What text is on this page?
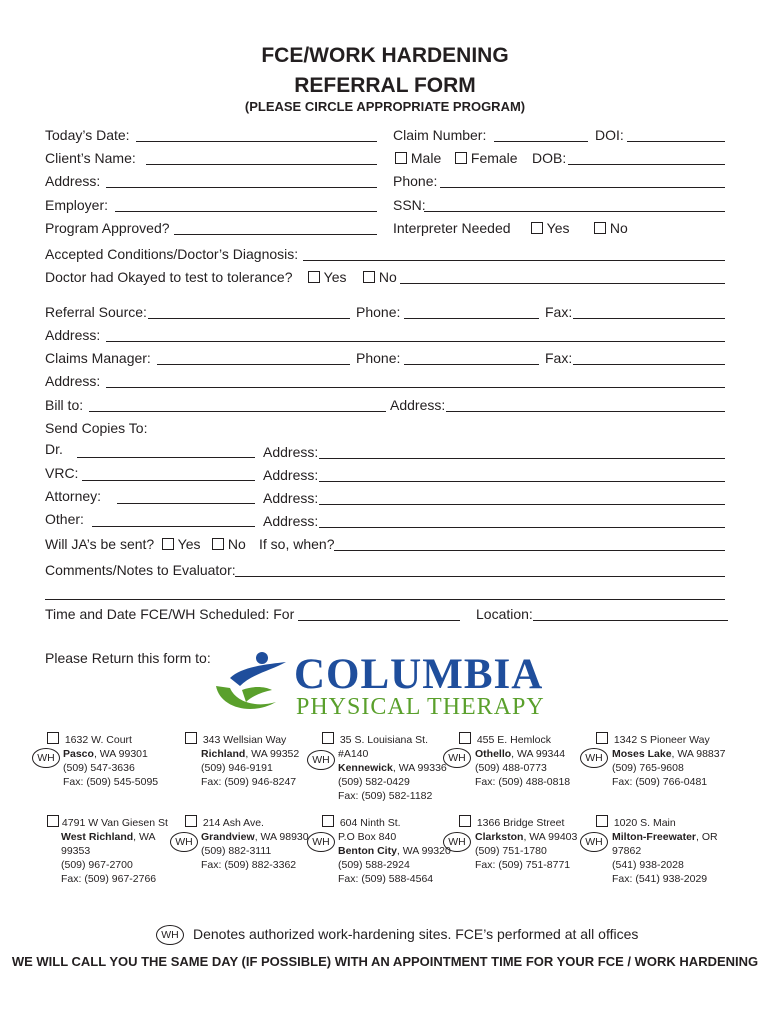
FCE/WORK HARDENING
REFERRAL FORM
(PLEASE CIRCLE APPROPRIATE PROGRAM)
Today’s Date:	Claim Number:	DOI:
Client’s Name:	Male	Female DOB:
Address:	Phone:
Employer:	SSN:
Program Approved?	Interpreter Needed	Yes	No
Accepted Conditions/Doctor’s Diagnosis:
Doctor had Okayed to test to tolerance?	Yes	No
Referral Source:	Phone:	Fax:
Address:
Claims Manager:	Phone:	Fax:
Address:
Bill to:	Address:
Send Copies To:
Dr.	Address:
VRC:	Address:
Attorney:	Address:
Other:	Address:
Will JA’s be sent?	Yes	No If so, when?
Comments/Notes to Evaluator:
Time and Date FCE/WH Scheduled: For	Location:
Please Return this form to: COLUMBIA
PHYSICAL THERAPY
1632 W. Court
Pasco, WA 99301
(509) 547-3636
Fax: (509) 545-5095
WH
343 Wellsian Way
Richland, WA 99352
(509) 946-9191
Fax: (509) 946-8247
35 S. Louisiana St.
#A140
Kennewick, WA 99336
(509) 582-0429
Fax: (509) 582-1182
WH
455 E. Hemlock
Othello, WA 99344
(509) 488-0773
Fax: (509) 488-0818
WH
1342 S Pioneer Way
Moses Lake, WA 98837
(509) 765-9608
Fax: (509) 766-0481
WH
4791 W Van Giesen St
West Richland, WA
99353
(509) 967-2700
Fax: (509) 967-2766
214 Ash Ave.
Grandview, WA 98930
(509) 882-3111
Fax: (509) 882-3362
WH
604 Ninth St.
P.O Box 840
Benton City, WA 99320
(509) 588-2924
Fax: (509) 588-4564
WH
1366 Bridge Street
Clarkston, WA 99403
(509) 751-1780
Fax: (509) 751-8771
WH
1020 S. Main
Milton-Freewater, OR
97862
(541) 938-2028
Fax: (541) 938-2029
WH
WH	Denotes authorized work-hardening sites. FCE’s performed at all offices
WE WILL CALL YOU THE SAME DAY (IF POSSIBLE) WITH AN APPOINTMENT TIME FOR YOUR FCE / WORK HARDENING
